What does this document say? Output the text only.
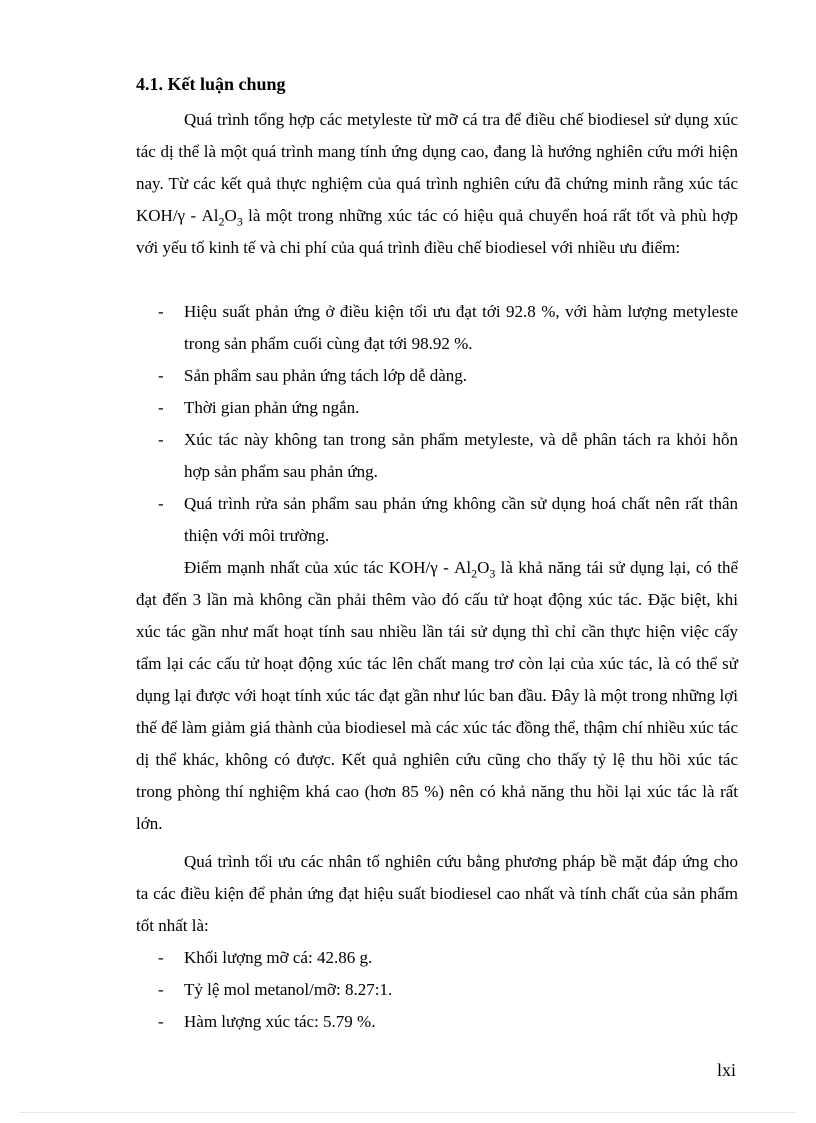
4.1. Kết luận chung
Quá trình tổng hợp các metyleste từ mỡ cá tra để điều chế biodiesel sử dụng xúc tác dị thể là một quá trình mang tính ứng dụng cao, đang là hướng nghiên cứu mới hiện nay. Từ các kết quả thực nghiệm của quá trình nghiên cứu đã chứng minh rằng xúc tác $KOH/\gamma - Al_2O_3$ là một trong những xúc tác có hiệu quả chuyển hoá rất tốt và phù hợp với yếu tố kinh tế và chi phí của quá trình điều chế biodiesel với nhiều ưu điểm:
- Hiệu suất phản ứng ở điều kiện tối ưu đạt tới 92.8 %, với hàm lượng metyleste trong sản phẩm cuối cùng đạt tới 98.92 %.
- Sản phẩm sau phản ứng tách lớp dễ dàng.
- Thời gian phản ứng ngắn.
- Xúc tác này không tan trong sản phẩm metyleste, và dễ phân tách ra khỏi hỗn hợp sản phẩm sau phản ứng.
- Quá trình rửa sản phẩm sau phản ứng không cần sử dụng hoá chất nên rất thân thiện với môi trường.
Điểm mạnh nhất của xúc tác $KOH/\gamma - Al_2O_3$ là khả năng tái sử dụng lại, có thể đạt đến 3 lần mà không cần phải thêm vào đó cấu tử hoạt động xúc tác. Đặc biệt, khi xúc tác gần như mất hoạt tính sau nhiều lần tái sử dụng thì chỉ cần thực hiện việc cấy tẩm lại các cấu tử hoạt động xúc tác lên chất mang trơ còn lại của xúc tác, là có thể sử dụng lại được với hoạt tính xúc tác đạt gần như lúc ban đầu. Đây là một trong những lợi thế để làm giảm giá thành của biodiesel mà các xúc tác đồng thể, thậm chí nhiều xúc tác dị thể khác, không có được. Kết quả nghiên cứu cũng cho thấy tỷ lệ thu hồi xúc tác trong phòng thí nghiệm khá cao (hơn 85 %) nên có khả năng thu hồi lại xúc tác là rất lớn.
Quá trình tối ưu các nhân tố nghiên cứu bằng phương pháp bề mặt đáp ứng cho ta các điều kiện để phản ứng đạt hiệu suất biodiesel cao nhất và tính chất của sản phẩm tốt nhất là:
- Khối lượng mỡ cá: 42.86 g.
- Tỷ lệ mol metanol/mỡ: 8.27:1.
- Hàm lượng xúc tác: 5.79 %.
lxi
